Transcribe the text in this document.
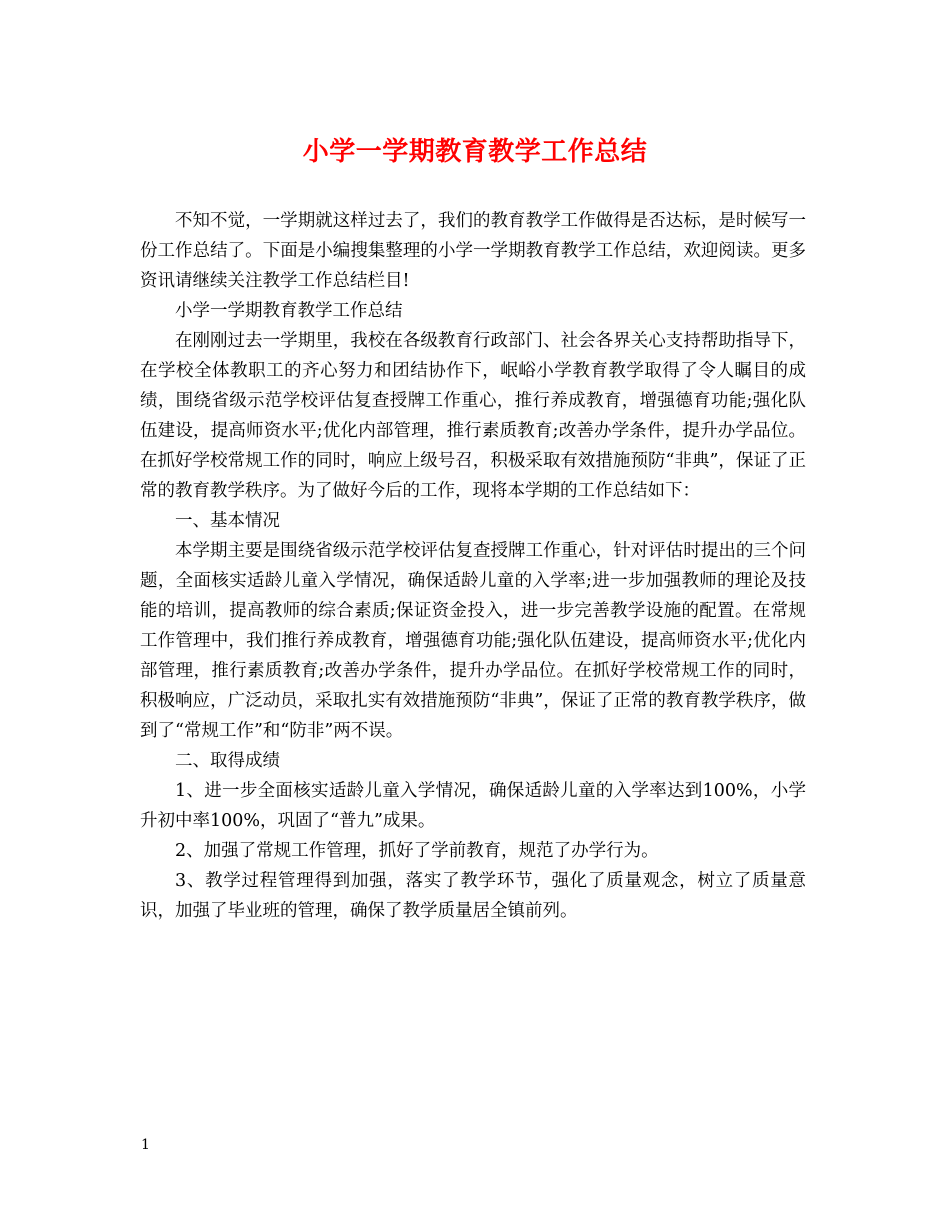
小学一学期教育教学工作总结

不知不觉，一学期就这样过去了，我们的教育教学工作做得是否达标，是时候写一份工作总结了。下面是小编搜集整理的小学一学期教育教学工作总结，欢迎阅读。更多资讯请继续关注教学工作总结栏目!

小学一学期教育教学工作总结

在刚刚过去一学期里，我校在各级教育行政部门、社会各界关心支持帮助指导下，在学校全体教职工的齐心努力和团结协作下，岷峪小学教育教学取得了令人瞩目的成绩，围绕省级示范学校评估复查授牌工作重心，推行养成教育，增强德育功能;强化队伍建设，提高师资水平;优化内部管理，推行素质教育;改善办学条件，提升办学品位。在抓好学校常规工作的同时，响应上级号召，积极采取有效措施预防“非典”，保证了正常的教育教学秩序。为了做好今后的工作，现将本学期的工作总结如下：

一、基本情况

本学期主要是围绕省级示范学校评估复查授牌工作重心，针对评估时提出的三个问题，全面核实适龄儿童入学情况，确保适龄儿童的入学率;进一步加强教师的理论及技能的培训，提高教师的综合素质;保证资金投入，进一步完善教学设施的配置。在常规工作管理中，我们推行养成教育，增强德育功能;强化队伍建设，提高师资水平;优化内部管理，推行素质教育;改善办学条件，提升办学品位。在抓好学校常规工作的同时，积极响应，广泛动员，采取扎实有效措施预防“非典”，保证了正常的教育教学秩序，做到了“常规工作”和“防非”两不误。

二、取得成绩

1、进一步全面核实适龄儿童入学情况，确保适龄儿童的入学率达到100%，小学升初中率100%，巩固了“普九”成果。

2、加强了常规工作管理，抓好了学前教育，规范了办学行为。

3、教学过程管理得到加强，落实了教学环节，强化了质量观念，树立了质量意识，加强了毕业班的管理，确保了教学质量居全镇前列。

1
